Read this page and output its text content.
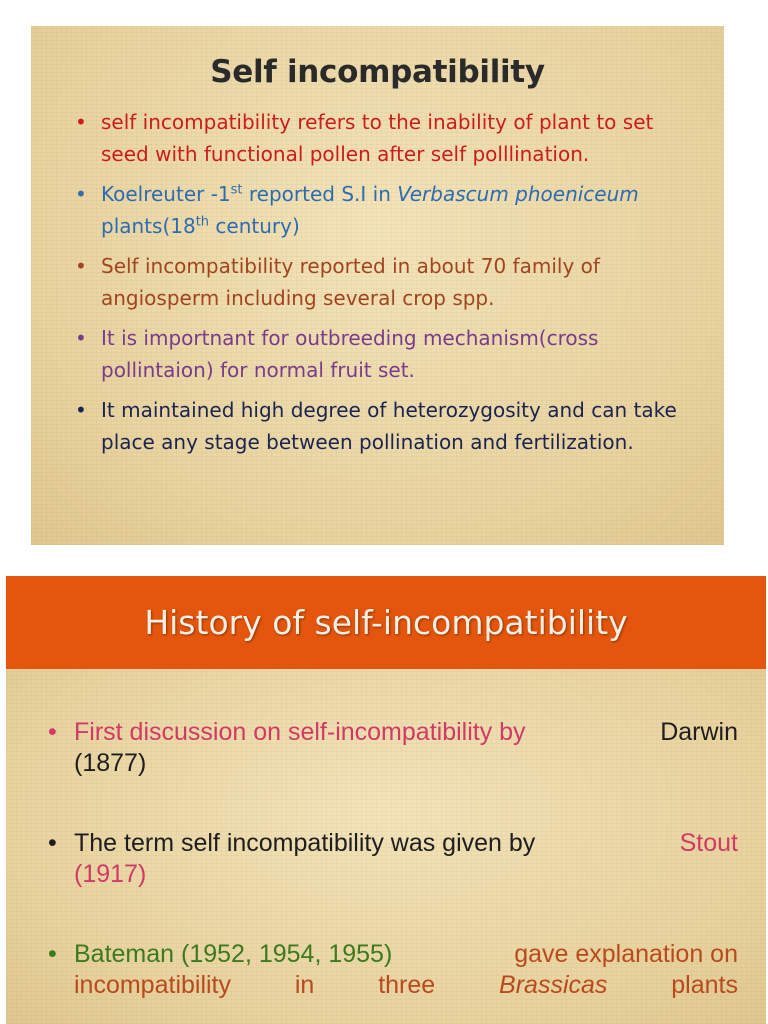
Self incompatibility
• self incompatibility refers to the inability of plant to set seed with functional pollen after self polllination.
• Koelreuter -1st reported S.I in Verbascum phoeniceum plants(18th century)
• Self incompatibility reported in about 70 family of angiosperm including several crop spp.
• It is importnant for outbreeding mechanism(cross pollintaion) for normal fruit set.
• It maintained high degree of heterozygosity and can take place any stage between pollination and fertilization.
History of self-incompatibility
• First discussion on self-incompatibility by	Darwin
(1877)
• The term self incompatibility was given by	Stout
(1917)
• Bateman (1952, 1954, 1955)	gave explanation on
incompatibility	in	three	Brassicas	plants
